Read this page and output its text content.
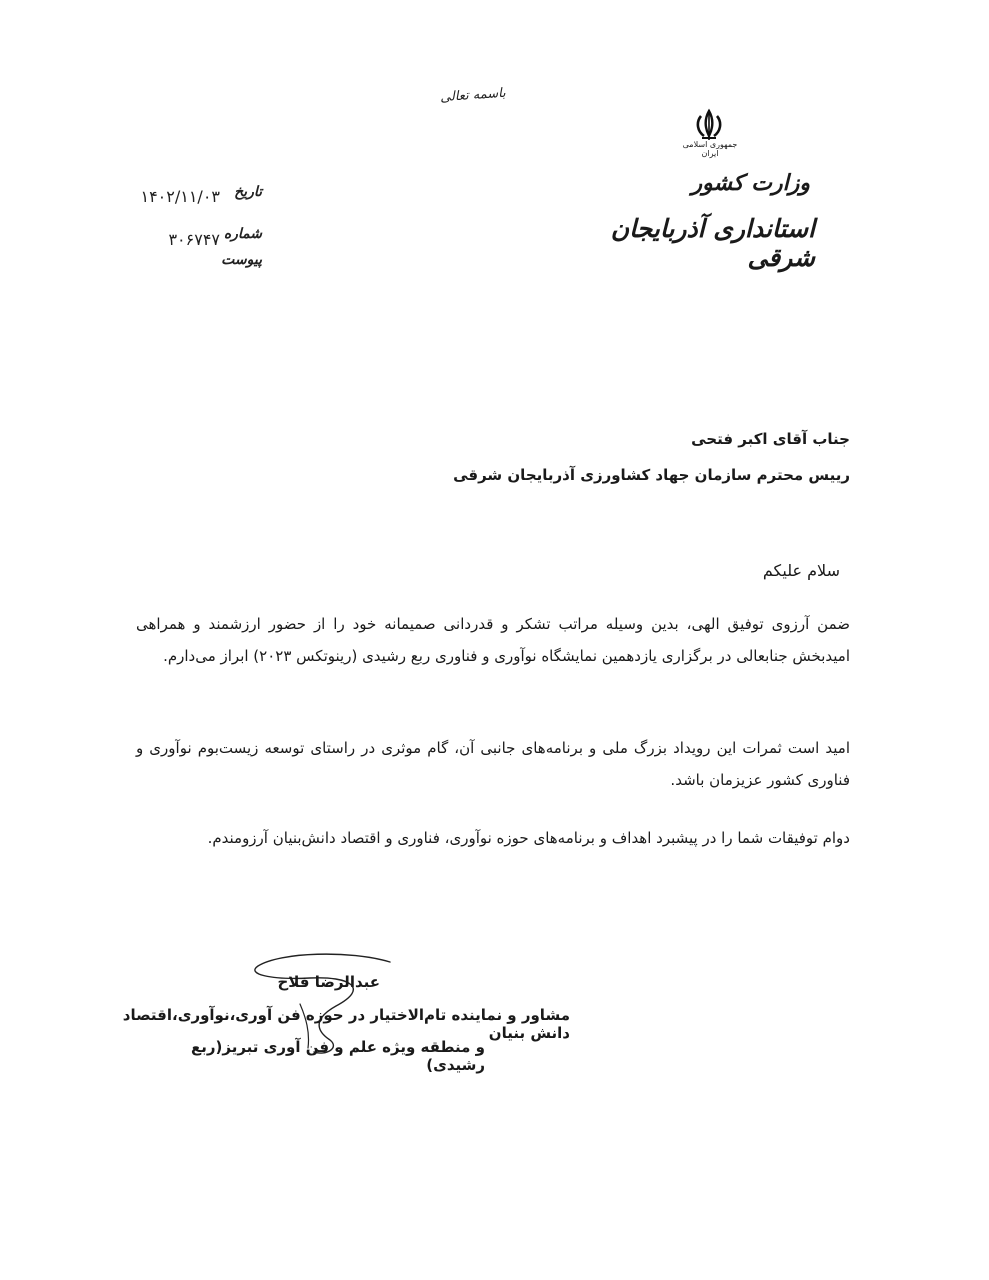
باسمه تعالی
جمهوری اسلامی ایران
وزارت کشور
استانداری آذربایجان شرقی
تاریخ
۱۴۰۲/۱۱/۰۳
شماره
۳۰۶۷۴۷
پیوست
جناب آقای اکبر فتحی
رییس محترم سازمان جهاد کشاورزی آذربایجان شرقی
سلام علیکم
ضمن آرزوی توفیق الهی، بدین وسیله مراتب تشکر و قدردانی صمیمانه خود را از حضور ارزشمند و همراهی امیدبخش جنابعالی در برگزاری یازدهمین نمایشگاه نوآوری و فناوری ربع رشیدی (رینوتکس ۲۰۲۳) ابراز می‌دارم.
امید است ثمرات این رویداد بزرگ ملی و برنامه‌های جانبی آن، گام موثری در راستای توسعه زیست‌بوم نوآوری و فناوری کشور عزیزمان باشد.
دوام توفیقات شما را در پیشبرد اهداف و برنامه‌های حوزه نوآوری، فناوری و اقتصاد دانش‌بنیان آرزومندم.
عبدالرضا فلاح
مشاور و نماینده تام‌الاختیار در حوزه فن آوری،نوآوری،اقتصاد دانش بنیان
و منطقه ویژه علم و فن آوری تبریز(ربع رشیدی)
